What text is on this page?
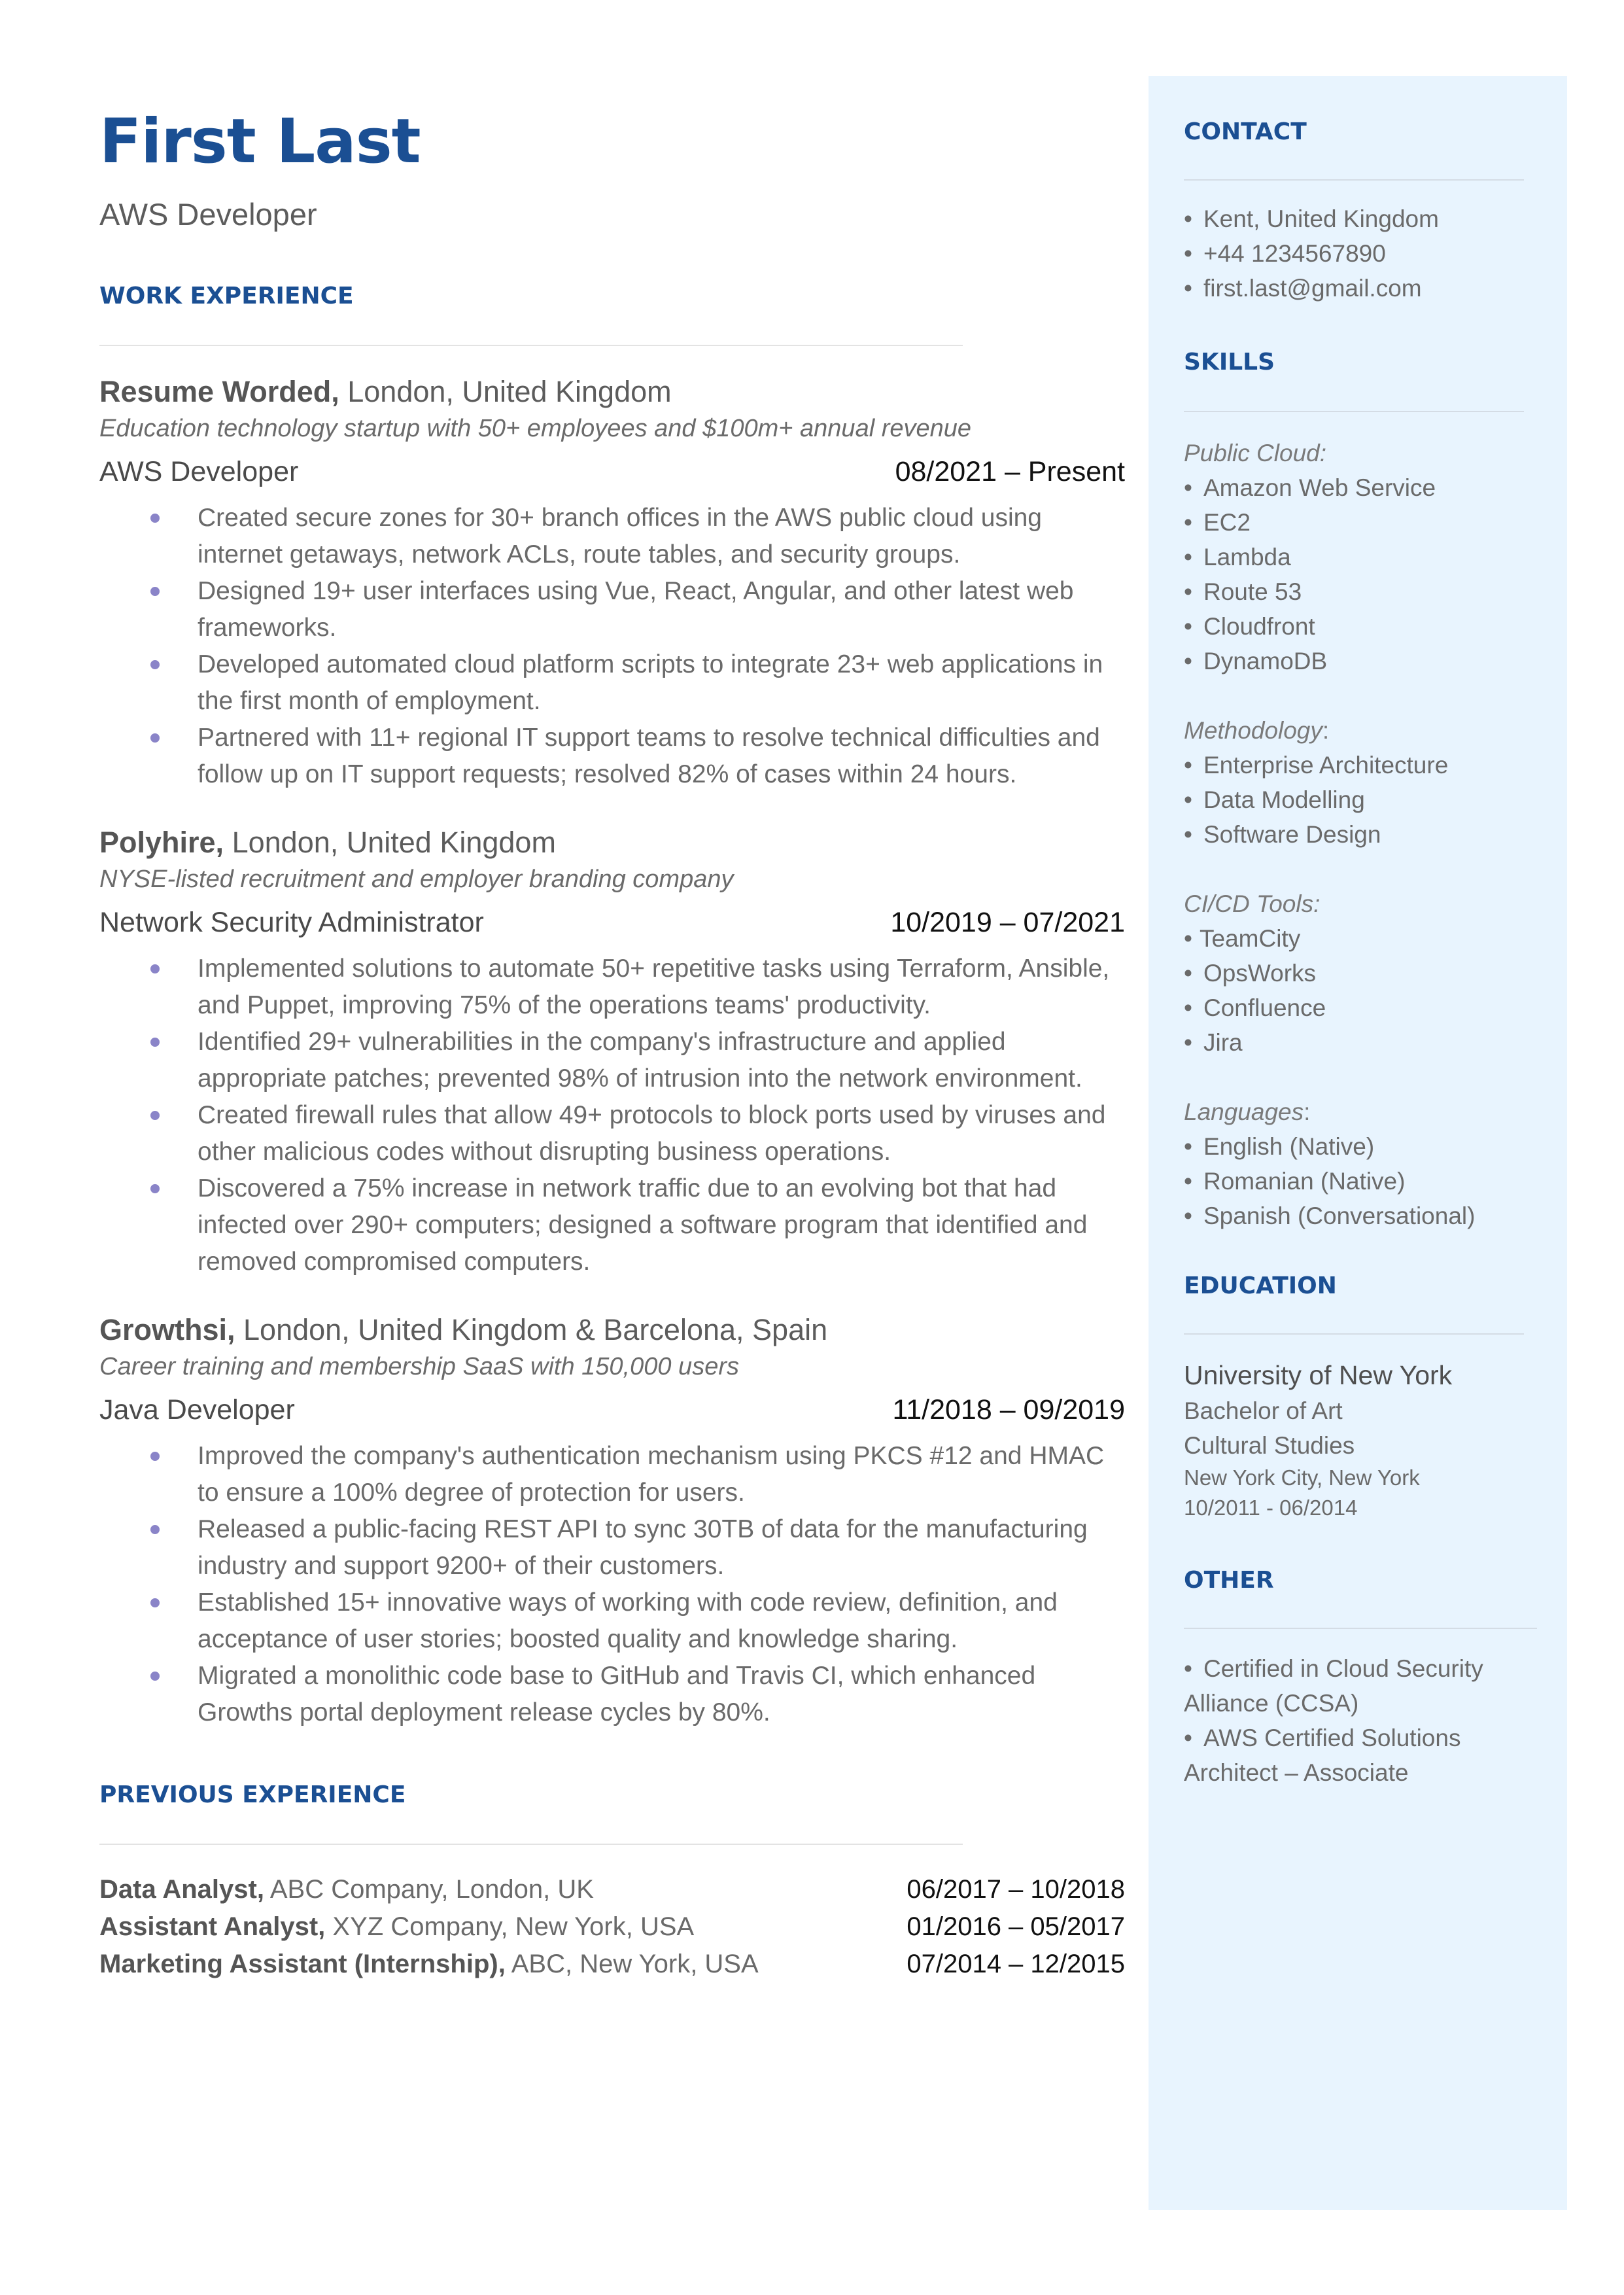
First Last
AWS Developer
WORK EXPERIENCE
Resume Worded, London, United Kingdom
Education technology startup with 50+ employees and $100m+ annual revenue
AWS Developer	08/2021 – Present
Created secure zones for 30+ branch offices in the AWS public cloud using internet getaways, network ACLs, route tables, and security groups.
Designed 19+ user interfaces using Vue, React, Angular, and other latest web frameworks.
Developed automated cloud platform scripts to integrate 23+ web applications in the first month of employment.
Partnered with 11+ regional IT support teams to resolve technical difficulties and follow up on IT support requests; resolved 82% of cases within 24 hours.
Polyhire, London, United Kingdom
NYSE-listed recruitment and employer branding company
Network Security Administrator	10/2019 – 07/2021
Implemented solutions to automate 50+ repetitive tasks using Terraform, Ansible, and Puppet, improving 75% of the operations teams' productivity.
Identified 29+ vulnerabilities in the company's infrastructure and applied appropriate patches; prevented 98% of intrusion into the network environment.
Created firewall rules that allow 49+ protocols to block ports used by viruses and other malicious codes without disrupting business operations.
Discovered a 75% increase in network traffic due to an evolving bot that had infected over 290+ computers; designed a software program that identified and removed compromised computers.
Growthsi, London, United Kingdom & Barcelona, Spain
Career training and membership SaaS with 150,000 users
Java Developer	11/2018 – 09/2019
Improved the company's authentication mechanism using PKCS #12 and HMAC to ensure a 100% degree of protection for users.
Released a public-facing REST API to sync 30TB of data for the manufacturing industry and support 9200+ of their customers.
Established 15+ innovative ways of working with code review, definition, and acceptance of user stories; boosted quality and knowledge sharing.
Migrated a monolithic code base to GitHub and Travis CI, which enhanced Growths portal deployment release cycles by 80%.
PREVIOUS EXPERIENCE
Data Analyst, ABC Company, London, UK	06/2017 – 10/2018
Assistant Analyst, XYZ Company, New York, USA	01/2016 – 05/2017
Marketing Assistant (Internship), ABC, New York, USA	07/2014 – 12/2015
CONTACT
• Kent, United Kingdom
• +44 1234567890
• first.last@gmail.com
SKILLS
Public Cloud:
• Amazon Web Service
• EC2
• Lambda
• Route 53
• Cloudfront
• DynamoDB
Methodology:
• Enterprise Architecture
• Data Modelling
• Software Design
CI/CD Tools:
• TeamCity
• OpsWorks
• Confluence
• Jira
Languages:
• English (Native)
• Romanian (Native)
• Spanish (Conversational)
EDUCATION
University of New York
Bachelor of Art
Cultural Studies
New York City, New York
10/2011 - 06/2014
OTHER
• Certified in Cloud Security
Alliance (CCSA)
• AWS Certified Solutions
Architect – Associate
